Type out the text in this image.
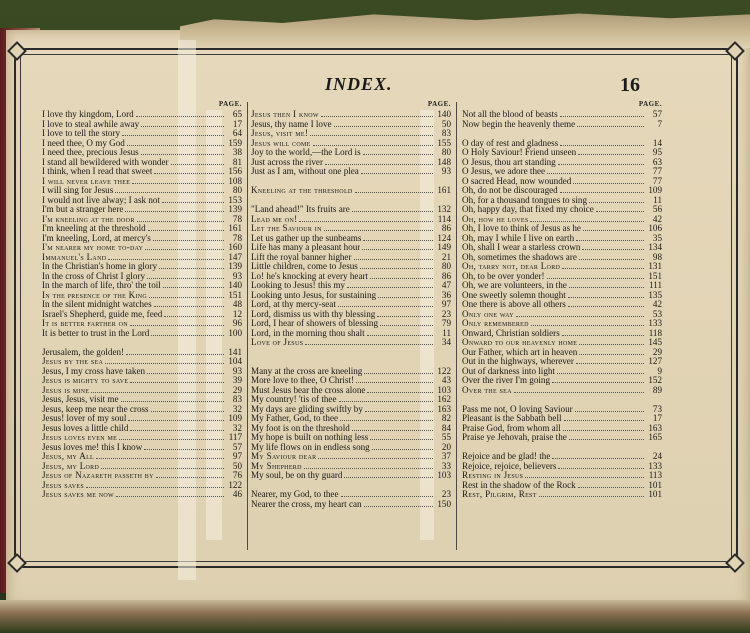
INDEX.	16
PAGE.
I love thy kingdom, Lord	65
I love to steal awhile away	17
I love to tell the story	64
I need thee, O my God	159
I need thee, precious Jesus	38
I stand all bewildered with wonder	81
I think, when I read that sweet	156
I will never leave thee	108
I will sing for Jesus	80
I would not live alway; I ask not	153
I'm but a stranger here	139
I'm kneeling at the door	78
I'm kneeling at the threshold	161
I'm kneeling, Lord, at mercy's	78
I'm nearer my home to-day	160
Immanuel's Land	147
In the Christian's home in glory	139
In the cross of Christ I glory	93
In the march of life, thro' the toil	140
In the presence of the King	151
In the silent midnight watches	48
Israel's Shepherd, guide me, feed	12
It is better farther on	96
It is better to trust in the Lord	100
Jerusalem, the golden!	141
Jesus by the sea	104
Jesus, I my cross have taken	93
Jesus is mighty to save	39
Jesus is mine	29
Jesus, Jesus, visit me	83
Jesus, keep me near the cross	32
Jesus! lover of my soul	109
Jesus loves a little child	32
Jesus loves even me	117
Jesus loves me! this I know	57
Jesus, my All	97
Jesus, my Lord	50
Jesus of Nazareth passeth by	76
Jesus saves	122
Jesus saves me now	46
PAGE.
Jesus then I know	140
Jesus, thy name I love	50
Jesus, visit me!	83
Jesus will come	155
Joy to the world,—the Lord is	80
Just across the river	148
Just as I am, without one plea	93
Kneeling at the threshold	161
"Land ahead!" Its fruits are	132
Lead me on!	114
Let the Saviour in	86
Let us gather up the sunbeams	124
Life has many a pleasant hour	149
Lift the royal banner higher	21
Little children, come to Jesus	80
Lo! he's knocking at every heart	86
Looking to Jesus! this my	47
Looking unto Jesus, for sustaining	36
Lord, at thy mercy-seat	97
Lord, dismiss us with thy blessing	23
Lord, I hear of showers of blessing	79
Lord, in the morning thou shalt	11
Love of Jesus	34
Many at the cross are kneeling	122
More love to thee, O Christ!	43
Must Jesus bear the cross alone	103
My country! 'tis of thee	162
My days are gliding swiftly by	163
My Father, God, to thee	82
My foot is on the threshold	84
My hope is built on nothing less	55
My life flows on in endless song	20
My Saviour dear	37
My Shepherd	33
My soul, be on thy guard	103
Nearer, my God, to thee	23
Nearer the cross, my heart can	150
PAGE.
Not all the blood of beasts	57
Now begin the heavenly theme	7
O day of rest and gladness	14
O Holy Saviour! Friend unseen	95
O Jesus, thou art standing	63
O Jesus, we adore thee	77
O sacred Head, now wounded	77
Oh, do not be discouraged	109
Oh, for a thousand tongues to sing	11
Oh, happy day, that fixed my choice	56
Oh, how he loves	42
Oh, I love to think of Jesus as he	106
Oh, may I while I live on earth	35
Oh, shall I wear a starless crown	134
Oh, sometimes the shadows are	98
Oh, tarry not, dear Lord	131
Oh, to be over yonder!	151
Oh, we are volunteers, in the	111
One sweetly solemn thought	135
One there is above all others	42
Only one way	53
Only remembered	133
Onward, Christian soldiers	118
Onward to our heavenly home	145
Our Father, which art in heaven	29
Out in the highways, wherever	127
Out of darkness into light	9
Over the river I'm going	152
Over the sea	89
Pass me not, O loving Saviour	73
Pleasant is the Sabbath bell	17
Praise God, from whom all	163
Praise ye Jehovah, praise the	165
Rejoice and be glad! the	24
Rejoice, rejoice, believers	133
Resting in Jesus	113
Rest in the shadow of the Rock	101
Rest, Pilgrim, Rest	101
